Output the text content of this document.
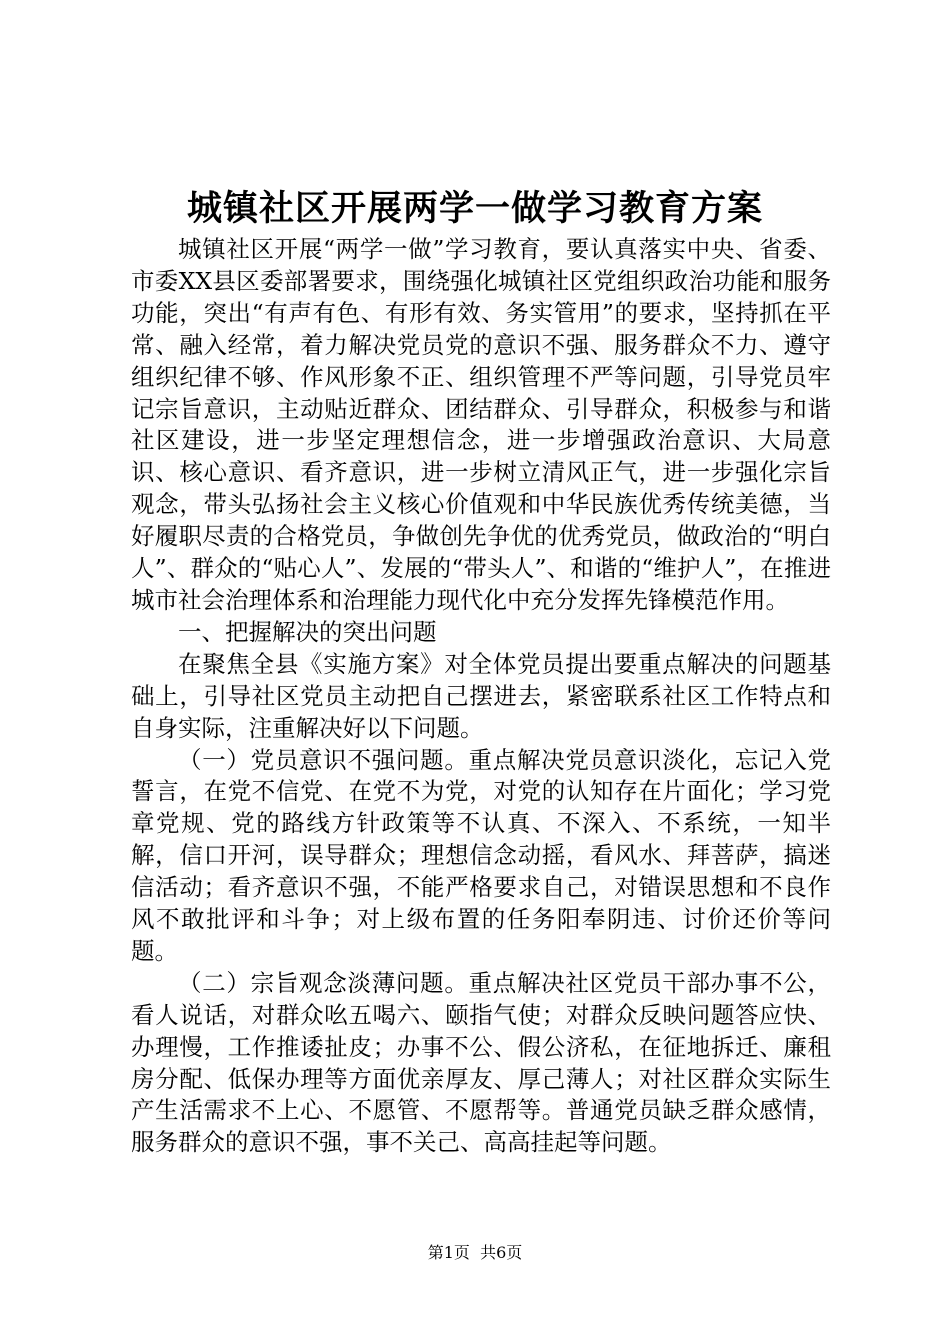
城镇社区开展两学一做学习教育方案

城镇社区开展“两学一做”学习教育，要认真落实中央、省委、市委XX县区委部署要求，围绕强化城镇社区党组织政治功能和服务功能，突出“有声有色、有形有效、务实管用”的要求，坚持抓在平常、融入经常，着力解决党员党的意识不强、服务群众不力、遵守组织纪律不够、作风形象不正、组织管理不严等问题，引导党员牢记宗旨意识，主动贴近群众、团结群众、引导群众，积极参与和谐社区建设，进一步坚定理想信念，进一步增强政治意识、大局意识、核心意识、看齐意识，进一步树立清风正气，进一步强化宗旨观念，带头弘扬社会主义核心价值观和中华民族优秀传统美德，当好履职尽责的合格党员，争做创先争优的优秀党员，做政治的“明白人”、群众的“贴心人”、发展的“带头人”、和谐的“维护人”，在推进城市社会治理体系和治理能力现代化中充分发挥先锋模范作用。

一、把握解决的突出问题

在聚焦全县《实施方案》对全体党员提出要重点解决的问题基础上，引导社区党员主动把自己摆进去，紧密联系社区工作特点和自身实际，注重解决好以下问题。

（一）党员意识不强问题。重点解决党员意识淡化，忘记入党誓言，在党不信党、在党不为党，对党的认知存在片面化；学习党章党规、党的路线方针政策等不认真、不深入、不系统，一知半解，信口开河，误导群众；理想信念动摇，看风水、拜菩萨，搞迷信活动；看齐意识不强，不能严格要求自己，对错误思想和不良作风不敢批评和斗争；对上级布置的任务阳奉阴违、讨价还价等问题。

（二）宗旨观念淡薄问题。重点解决社区党员干部办事不公，看人说话，对群众吆五喝六、颐指气使；对群众反映问题答应快、办理慢，工作推诿扯皮；办事不公、假公济私，在征地拆迁、廉租房分配、低保办理等方面优亲厚友、厚己薄人；对社区群众实际生产生活需求不上心、不愿管、不愿帮等。普通党员缺乏群众感情，服务群众的意识不强，事不关己、高高挂起等问题。

第1页 共6页
